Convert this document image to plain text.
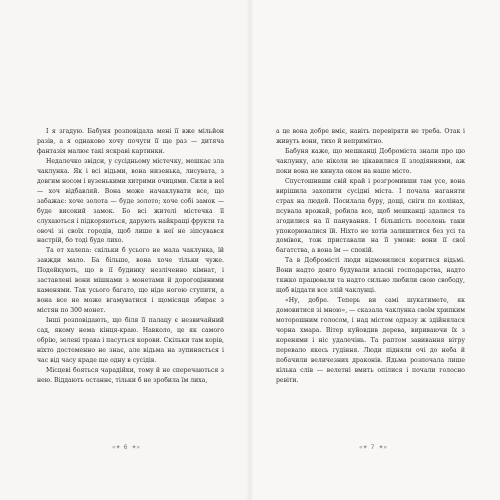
І я згадую. Бабуня розповідала мені її вже мільйон разів, а я однаково хочу почути її ще раз — дитяча фантазія малює такі яскраві картинки.

Недалечко звідси, у сусідньому містечку, мешкає зла чаклунка. Як і всі відьми, вона низенька, лисувата, з довгим носом і вузенькими хитрими очицями. Сили в неї — хоч відбавляй. Вона може начаклувати все, що забажає: хоче золота — буде золото; хоче собі замок — буде високий замок. Бо всі жителі містечка її слухаються і підкоряються, дарують найкращі фрукти та овочі зі своїх городів, щоб лише в неї не зіпсувався настрій, бо тоді буде лихо.

Та от халепа: скільки б усього не мала чаклунка, їй завжди мало. Ба більше, вона хоче тільки чуже. Подейкують, що в її будинку незліченно кімнат, і заставлені вони мішками з монетами й дорогоцінними каменями. Так усього багато, що ніде ногою ступити, а вона все не може вгамуватися і щомісяця збирає з містян по 300 монет.

Інші розповідають, що біля її палацу є незвичайний сад, якому нема кінця-краю. Навколо, це як самого обрію, зелені трава і пасуться корови. Скільки там корів, ніхто достеменно не знає, але відьма на зупиняється і час від часу краде ще одну в сусідів.

Місцеві бояться чарадійки, тому й не сперечаються з нею. Віддають останнє, тільки б не зробила їм лиха,

« ✦ 6 ✦ »

а це вона добре вміє, навіть перевіряти не треба. Отак і живуть вони, тихо й непримітно.

Бабуня каже, що мешканці Доброміста знали про цю чаклунку, але ніколи не цікавилися її злодіяннями, аж поки вона не кинула оком на наше місто.

Спустошивши свій край і розгромивши там усе, вона вирішила захопити сусідні міста. І почала наганяти страх на людей. Посилала буру, дощі, сніги по колінах, псувала врожай, робила все, щоб мешканці здалися та згодилися на її панування. І більшість поселень таки упокорювалися їй. Ніхто не хотів залишитися без усі та домівок, тож приставали на її умови: вони її свої багатства, а вона їм — спокій.

Та в Добромісті люди відмовилися коритися відьмі. Вони надто довго будували власні господарства, надто тяжко працювали та надто сильно любили свою свободу, щоб віддати все злій чаклунці.

«Ну, добре. Теперь ви самі шукатимете, як домовитися зі мною», — сказала чаклунка своїм хрипким моторошним голосом, і над містом одразу ж здійнялася чорна хмара. Вітер куйовдив дерева, вириваючи їх з коренями і ніс удалечінь. Та раптом завивання вітру перевало якесь гудіння. Люди підняли очі до неба й побачили величезних драконів. Ядьма розпочала лише кілька слів — велетні вмить опілися і почали голосно ревіти.

« ✦ 7 ✦ »
